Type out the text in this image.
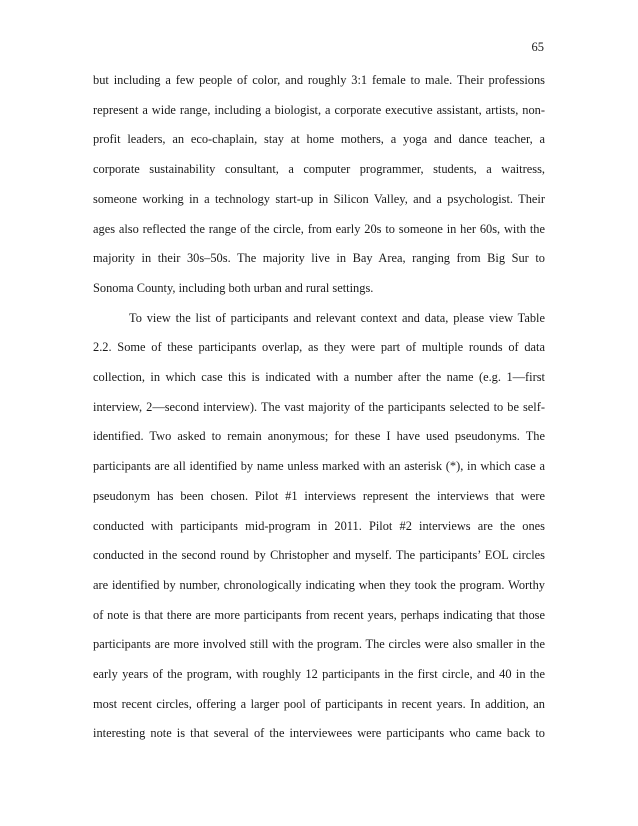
65
but including a few people of color, and roughly 3:1 female to male. Their professions
represent a wide range, including a biologist, a corporate executive assistant, artists, non-
profit leaders, an eco-chaplain, stay at home mothers, a yoga and dance teacher, a
corporate sustainability consultant, a computer programmer, students, a waitress,
someone working in a technology start-up in Silicon Valley, and a psychologist. Their
ages also reflected the range of the circle, from early 20s to someone in her 60s, with the
majority in their 30s–50s. The majority live in Bay Area, ranging from Big Sur to
Sonoma County, including both urban and rural settings.
To view the list of participants and relevant context and data, please view Table
2.2. Some of these participants overlap, as they were part of multiple rounds of data
collection, in which case this is indicated with a number after the name (e.g. 1—first
interview, 2—second interview). The vast majority of the participants selected to be self-
identified. Two asked to remain anonymous; for these I have used pseudonyms. The
participants are all identified by name unless marked with an asterisk (*), in which case a
pseudonym has been chosen. Pilot #1 interviews represent the interviews that were
conducted with participants mid-program in 2011. Pilot #2 interviews are the ones
conducted in the second round by Christopher and myself. The participants’ EOL circles
are identified by number, chronologically indicating when they took the program. Worthy
of note is that there are more participants from recent years, perhaps indicating that those
participants are more involved still with the program. The circles were also smaller in the
early years of the program, with roughly 12 participants in the first circle, and 40 in the
most recent circles, offering a larger pool of participants in recent years. In addition, an
interesting note is that several of the interviewees were participants who came back to
